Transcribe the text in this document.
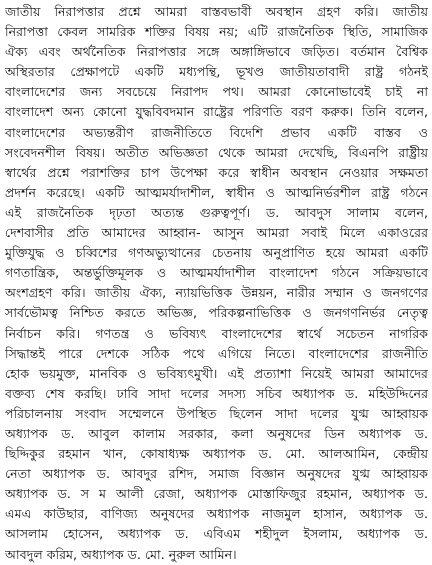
জাতীয় নিরাপত্তার প্রশ্নে আমরা বাস্তবভাবী অবস্থান গ্রহণ করি। জাতীয়
নিরাপত্তা কেবল সামরিক শক্তির বিষয় নয়; এটি রাজনৈতিক স্থিতি, সামাজিক
ঐক্য এবং অর্থনৈতিক নিরাপত্তার সঙ্গে অঙ্গাঙ্গিভাবে জড়িত। বর্তমান বৈশ্বিক
অস্থিরতার প্রেক্ষাপটে একটি মধ্যপন্থি, ভূখণ্ড জাতীয়তাবাদী রাষ্ট্র গঠনই
বাংলাদেশের জন্য সবচেয়ে নিরাপদ পথ। আমরা কোনোভাবেই চাই না
বাংলাদেশ অন্য কোনো যুদ্ধবিবদমান রাষ্ট্রের পরিণতি বরণ করুক। তিনি বলেন,
বাংলাদেশের অভ্যন্তরীণ রাজনীতিতে বিদেশি প্রভাব একটি বাস্তব ও
সংবেদনশীল বিষয়। অতীত অভিজ্ঞতা থেকে আমরা দেখেছি, বিএনপি রাষ্ট্রীয়
স্বার্থের প্রশ্নে পরাশক্তির চাপ উপেক্ষা করে স্বাধীন অবস্থান নেওয়ার সক্ষমতা
প্রদর্শন করেছে। একটি আত্মমর্যাদাশীল, স্বাধীন ও আত্মনির্ভরশীল রাষ্ট্র গঠনে
এই রাজনৈতিক দৃঢ়তা অত্যন্ত গুরুত্বপূর্ণ। ড. আবদুস সালাম বলেন,
দেশবাসীর প্রতি আমাদের আহ্বান- আসুন আমরা সবাই মিলে একাওরের
মুক্তিযুদ্ধ ও চব্বিশের গণঅভ্যুত্থানের চেতনায় অনুপ্রাণিত হয়ে আমরা একটি
গণতান্ত্রিক, অন্তর্ভুক্তিমূলক ও আত্মমর্যাদাশীল বাংলাদেশ গঠনে সক্রিয়ভাবে
অংশগ্রহণ করি। জাতীয় ঐক্য, ন্যায়ভিত্তিক উন্নয়ন, নারীর সম্মান ও জনগণের
সার্বভৌমত্ব নিশ্চিত করতে অভিজ্ঞ, পরিকল্পনাভিত্তিক ও জনগণনির্ভর নেতৃত্ব
নির্বাচন করি। গণতন্ত্র ও ভবিষ্যৎ বাংলাদেশের স্বার্থে সচেতন নাগরিক
সিদ্ধান্তই পারে দেশকে সঠিক পথে এগিয়ে নিতে। বাংলাদেশের রাজনীতি
হোক ভয়মুক্ত, মানবিক ও ভবিষ্যৎমুখী। এই প্রত্যাশা নিয়েই আমরা আমাদের
বক্তব্য শেষ করছি। ঢাবি সাদা দলের সদস্য সচিব অধ্যাপক ড. মহিউদ্দিনের
পরিচালনায় সংবাদ সম্মেলনে উপস্থিত ছিলেন সাদা দলের যুগ্ম আহ্বায়ক
অধ্যাপক ড. আবুল কালাম সরকার, কলা অনুষদের ডিন অধ্যাপক ড.
ছিদ্দিকুর রহমান খান, কোষাধ্যক্ষ অধ্যাপক ড. মো. আলআমিন, কেন্দ্রীয়
নেতা অধ্যাপক ড. আবদুর রশিদ, সমাজ বিজ্ঞান অনুষদের যুগ্ম আহ্বায়ক
অধ্যাপক ড. স ম আলী রেজা, অধ্যাপক মোস্তাফিজুর রহমান, অধ্যাপক ড.
এমএ কাউছার, বাণিজ্য অনুষদের অধ্যাপক নাজমুল হাসান, অধ্যাপক ড.
আসলাম হোসেন, অধ্যাপক ড. এবিএম শহীদুল ইসলাম, অধ্যাপক ড.
আবদুল করিম, অধ্যাপক ড. মো. নুরুল আমিন।
